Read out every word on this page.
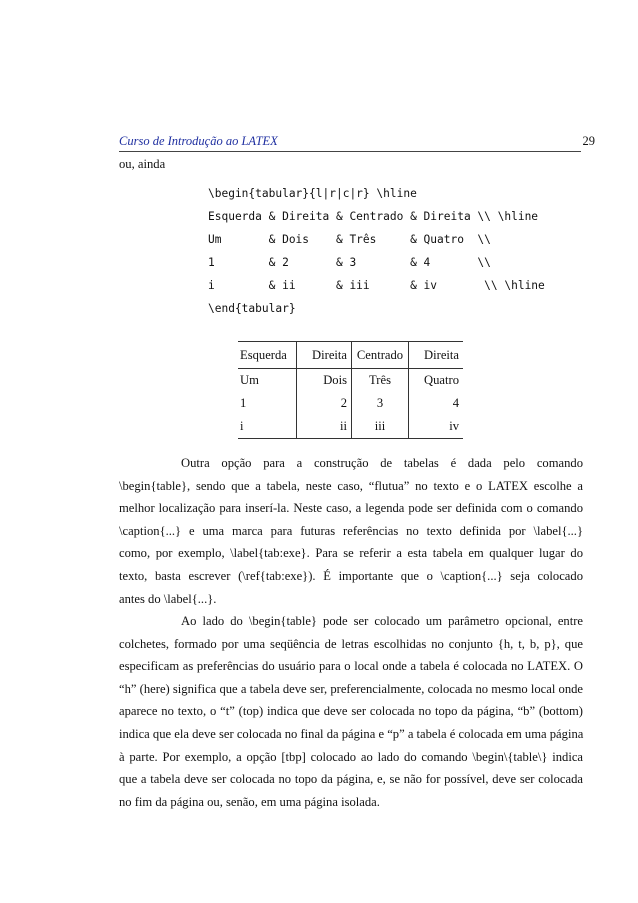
Curso de Introdução ao LATEX	29
ou, ainda
\begin{tabular}{l|r|c|r} \hline
Esquerda & Direita & Centrado & Direita \\ \hline
Um       & Dois    & Três     & Quatro  \\
1        & 2       & 3        & 4       \\
i        & ii      & iii      & iv       \\ \hline
\end{tabular}
Esquerda	Direita	Centrado	Direita
Um	Dois	Três	Quatro
1	2	3	4
i	ii	iii	iv
Outra opção para a construção de tabelas é dada pelo comando
\begin{table}, sendo que a tabela, neste caso, “flutua” no texto e o LATEX escolhe a
melhor localização para inserí-la. Neste caso, a legenda pode ser definida com o comando
\caption{...} e uma marca para futuras referências no texto definida por \label{...}
como, por exemplo, \label{tab:exe}. Para se referir a esta tabela em qualquer lugar do
texto, basta escrever (\ref{tab:exe}). É importante que o \caption{...} seja colocado
antes do \label{...}.
Ao lado do \begin{table} pode ser colocado um parâmetro opcional, entre
colchetes, formado por uma seqüência de letras escolhidas no conjunto {h, t, b, p}, que
especificam as preferências do usuário para o local onde a tabela é colocada no LATEX. O
“h” (here) significa que a tabela deve ser, preferencialmente, colocada no mesmo local onde
aparece no texto, o “t” (top) indica que deve ser colocada no topo da página, “b” (bottom)
indica que ela deve ser colocada no final da página e “p” a tabela é colocada em uma página
à parte. Por exemplo, a opção [tbp] colocado ao lado do comando \begin\{table\} indica
que a tabela deve ser colocada no topo da página, e, se não for possível, deve ser colocada
no fim da página ou, senão, em uma página isolada.
